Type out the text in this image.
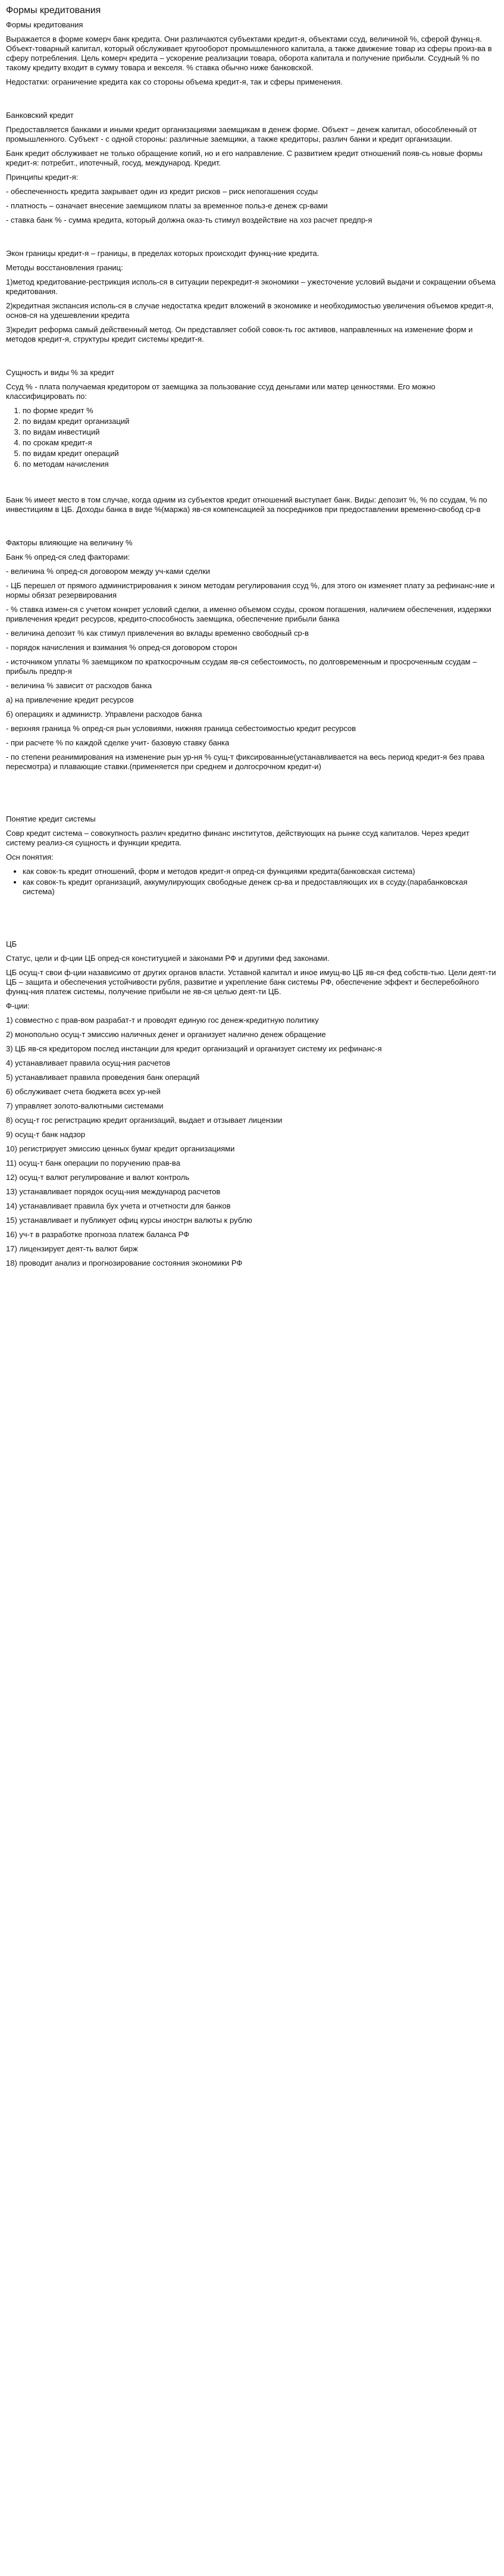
Формы кредитования
Формы кредитования
Выражается в форме комерч банк кредита. Они различаются субъектами кредит-я, объектами ссуд, величиной %, сферой функц-я. Объект-товарный капитал, который обслуживает кругооборот промышленного капитала, а также движение товар из сферы произ-ва в сферу потребления. Цель комерч кредита – ускорение реализации товара, оборота капитала и получение прибыли. Ссудный % по такому кредиту входит в сумму товара и векселя. % ставка обычно ниже банковской.
Недостатки: ограничение кредита как со стороны объема кредит-я, так и сферы применения.
Банковский кредит
Предоставляется банками и иными кредит организациями заемщикам в денеж форме. Объект – денеж капитал, обособленный от промышленного. Субъект - с одной стороны: различные заемщики, а также кредиторы, различ банки и кредит организации.
Банк кредит обслуживает не только обращение копий, но и его направление. С развитием кредит отношений появ-сь новые формы кредит-я: потребит., ипотечный, госуд, международ. Кредит.
Принципы кредит-я:
- обеспеченность кредита закрывает один из кредит рисков – риск непогашения ссуды
- платность – означает внесение заемщиком платы за временное польз-е денеж ср-вами
- ставка банк % - сумма кредита, который должна оказ-ть стимул воздействие на хоз расчет предпр-я
Экон границы кредит-я – границы, в пределах которых происходит функц-ние кредита.
Методы восстановления границ:
1)метод кредитование-рестрикция исполь-ся в ситуации перекредит-я экономики – ужесточение условий выдачи и сокращении объема кредитования.
2)кредитная экспансия исполь-ся в случае недостатка кредит вложений в экономике и необходимостью увеличения объемов кредит-я, основ-ся на удешевлении кредита
3)кредит реформа самый действенный метод. Он представляет собой совок-ть гос активов, направленных на изменение форм и методов кредит-я, структуры кредит системы кредит-я.
Сущность и виды % за кредит
Ссуд % - плата получаемая кредитором от заемщика за пользование ссуд деньгами или матер ценностями. Его можно классифицировать по:
1. по форме кредит %
2. по видам кредит организаций
3. по видам инвестиций
4. по срокам кредит-я
5. по видам кредит операций
6. по методам начисления
Банк % имеет место в том случае, когда одним из субъектов кредит отношений выступает банк. Виды: депозит %, % по ссудам, % по инвестициям в ЦБ. Доходы банка в виде %(маржа) яв-ся компенсацией за посредников при предоставлении временно-свобод ср-в
Факторы влияющие на величину %
Банк % опред-ся след факторами:
- величина % опред-ся договором между уч-ками сделки
- ЦБ перешел от прямого администрирования к эином методам регулирования ссуд %, для этого он изменяет плату за рефинанс-ние и нормы обязат резервирования
- % ставка измен-ся с учетом конкрет условий сделки, а именно объемом ссуды, сроком погашения, наличием обеспечения, издержки привлечения кредит ресурсов, кредито-способность заемщика, обеспечение прибыли банка
- величина депозит % как стимул привлечения во вклады временно свободный ср-в
- порядок начисления и взимания % опред-ся договором сторон
- источником уплаты % заемщиком по краткосрочным ссудам яв-ся себестоимость, по долговременным и просроченным ссудам – прибыль предпр-я
- величина % зависит от расходов банка
а) на привлечение кредит ресурсов
б) операциях и администр. Управлени расходов банка
- верхняя граница % опред-ся рын условиями, нижняя граница себестоимостью кредит ресурсов
- при расчете % по каждой сделке учит- базовую ставку банка
- по степени реанимирования на изменение рын ур-ня % сущ-т фиксированные(устанавливается на весь период кредит-я без права пересмотра) и плавающие ставки.(применяется при среднем и долгосрочном кредит-и)
Понятие кредит системы
Совр кредит система – совокупность различ кредитно финанс институтов, действующих на рынке ссуд капиталов. Через кредит систему реализ-ся сущность и функции кредита.
Осн понятия:
• как совок-ть кредит отношений, форм и методов кредит-я опред-ся функциями кредита(банковская система)
• как совок-ть кредит организаций, аккумулирующих свободные денеж ср-ва и предоставляющих их в ссуду.(парабанковская система)
ЦБ
Статус, цели и ф-ции ЦБ опред-ся конституцией и законами РФ и другими фед законами.
ЦБ осущ-т свои ф-ции назависимо от других органов власти. Уставной капитал и иное имущ-во ЦБ яв-ся фед собств-тью. Цели деят-ти ЦБ – защита и обеспечения устойчивости рубля, развитие и укрепление банк системы РФ, обеспечение эффект и бесперебойного функц-ния платеж системы, получение прибыли не яв-ся целью деят-ти ЦБ.
Ф-ции:
1) совместно с прав-вом разрабат-т и проводят единую гос денеж-кредитную политику
2) монопольно осущ-т эмиссию наличных денег и организует налично денеж обращение
3) ЦБ яв-ся кредитором послед инстанции для кредит организаций и организует систему их рефинанс-я
4) устанавливает правила осущ-ния расчетов
5) устанавливает правила проведения банк операций
6) обслуживает счета бюджета всех ур-ней
7) управляет золото-валютными системами
8) осущ-т гос регистрацию кредит организаций, выдает и отзывает лицензии
9) осущ-т банк надзор
10) регистрирует эмиссию ценных бумаг кредит организациями
11) осущ-т банк операции по поручению прав-ва
12) осущ-т валют регулирование и валют контроль
13) устанавливает порядок осущ-ния международ расчетов
14) устанавливает правила бух учета и отчетности для банков
15) устанавливает и публикует офиц курсы инострн валюты к рублю
16) уч-т в разработке прогноза платеж баланса РФ
17) лицензирует деят-ть валют бирж
18) проводит анализ и прогнозирование состояния экономики РФ
